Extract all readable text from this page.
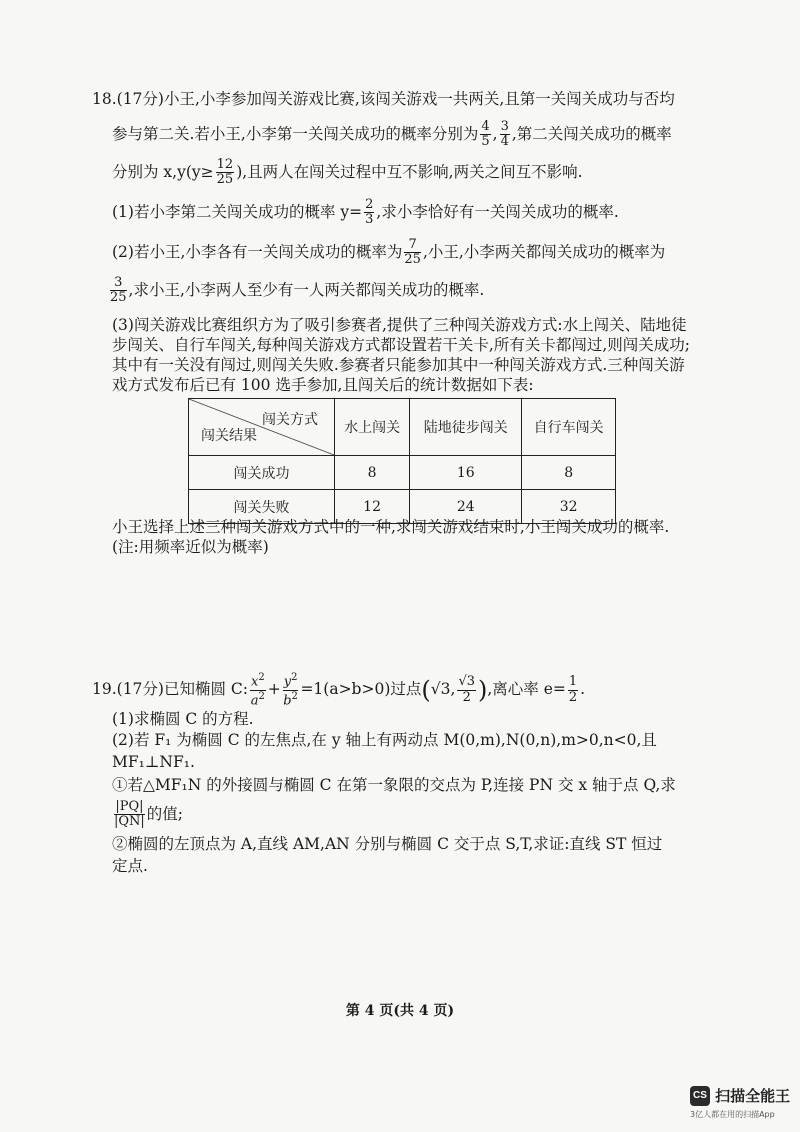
18.(17分)小王,小李参加闯关游戏比赛,该闯关游戏一共两关,且第一关闯关成功与否均
参与第二关.若小王,小李第一关闯关成功的概率分别为 $\frac{4}{5}$ , $\frac{3}{4}$ ,第二关闯关成功的概率
分别为 $x,y(y\ge \frac{12}{25}$ ),且两人在闯关过程中互不影响,两关之间互不影响.
(1)若小李第二关闯关成功的概率 $y= \frac{2}{3}$ ,求小李恰好有一关闯关成功的概率.
(2)若小王,小李各有一关闯关成功的概率为 $\frac{7}{25}$ ,小王,小李两关都闯关成功的概率为
$\frac{3}{25}$ ,求小王,小李两人至少有一人两关都闯关成功的概率.
(3)闯关游戏比赛组织方为了吸引参赛者,提供了三种闯关游戏方式:水上闯关、陆地徒
步闯关、自行车闯关,每种闯关游戏方式都设置若干关卡,所有关卡都闯过,则闯关成功;
其中有一关没有闯过,则闯关失败.参赛者只能参加其中一种闯关游戏方式.三种闯关游
戏方式发布后已有 100 选手参加,且闯关后的统计数据如下表:
闯关方式
闯关结果	水上闯关	陆地徒步闯关	自行车闯关
闯关成功	8	16	8
闯关失败	12	24	32
小王选择上述三种闯关游戏方式中的一种,求闯关游戏结束时,小王闯关成功的概率.
(注:用频率近似为概率)
19.(17分)已知椭圆 C: $\frac{x^2}{a^2} + \frac{y^2}{b^2} =1(a>b>0)$过点(√3, $\frac{√3}{2}$ ),离心率 $e= \frac{1}{2}$ .
(1)求椭圆 C 的方程.
(2)若 F₁ 为椭圆 C 的左焦点,在 y 轴上有两动点 M(0,m),N(0,n),m>0,n<0,且
MF₁⊥NF₁.
①若△MF₁N 的外接圆与椭圆 C 在第一象限的交点为 P,连接 PN 交 x 轴于点 Q,求
$\frac{|PQ|}{|QN|}$ 的值;
②椭圆的左顶点为 A,直线 AM,AN 分别与椭圆 C 交于点 S,T,求证:直线 ST 恒过
定点.
第 4 页(共 4 页)
CS 扫描全能王
3亿人都在用的扫描App
